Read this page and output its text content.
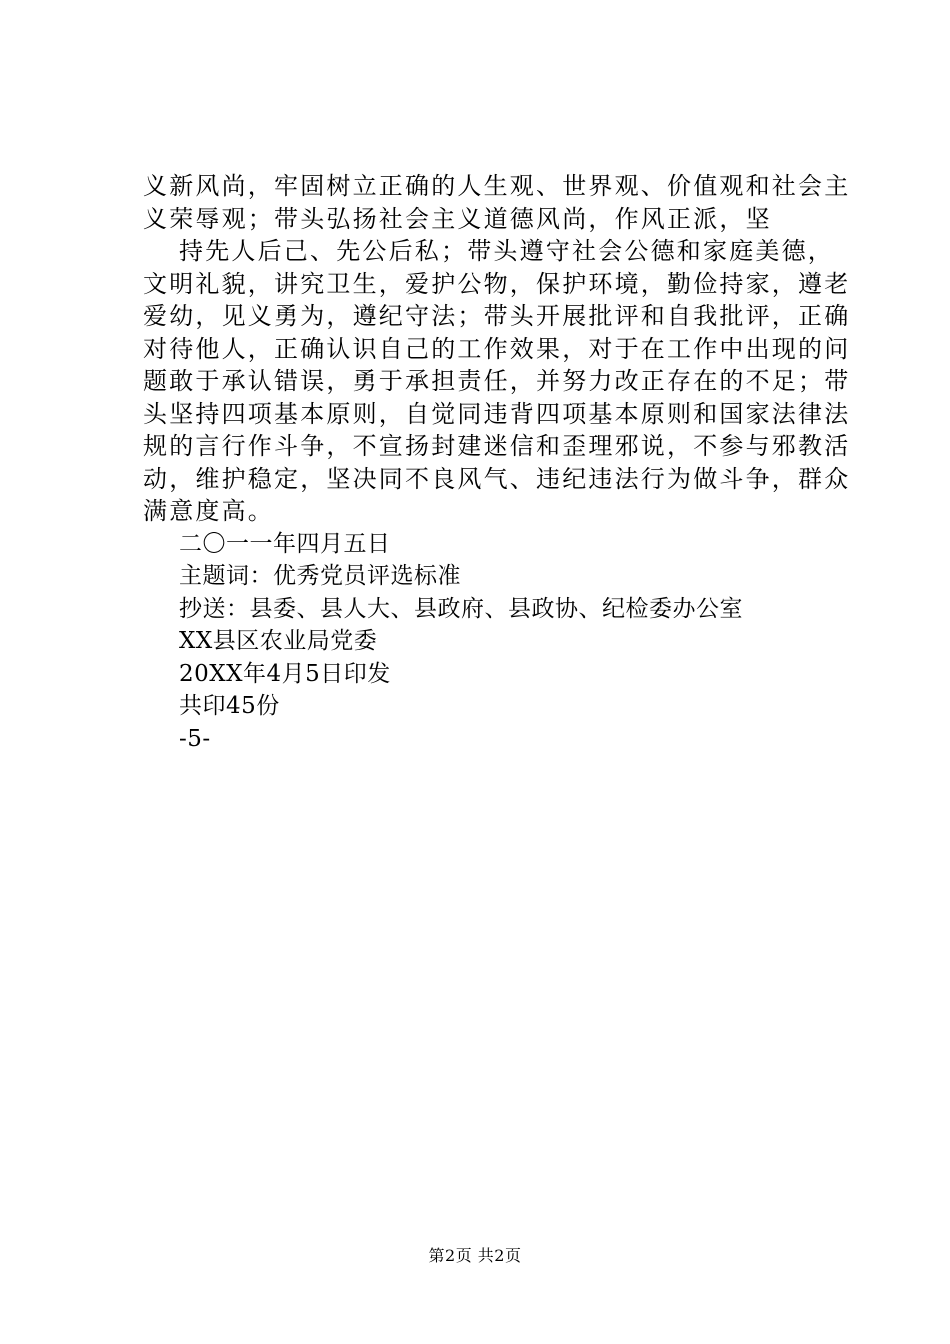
义新风尚，牢固树立正确的人生观、世界观、价值观和社会主
义荣辱观；带头弘扬社会主义道德风尚，作风正派，坚
持先人后己、先公后私；带头遵守社会公德和家庭美德，
文明礼貌，讲究卫生，爱护公物，保护环境，勤俭持家，遵老
爱幼，见义勇为，遵纪守法；带头开展批评和自我批评，正确
对待他人，正确认识自己的工作效果，对于在工作中出现的问
题敢于承认错误，勇于承担责任，并努力改正存在的不足；带
头坚持四项基本原则，自觉同违背四项基本原则和国家法律法
规的言行作斗争，不宣扬封建迷信和歪理邪说，不参与邪教活
动，维护稳定，坚决同不良风气、违纪违法行为做斗争，群众
满意度高。
二〇一一年四月五日
主题词：优秀党员评选标准
抄送：县委、县人大、县政府、县政协、纪检委办公室
XX县区农业局党委
20XX年4月5日印发
共印45份
-5-
第2页 共2页
